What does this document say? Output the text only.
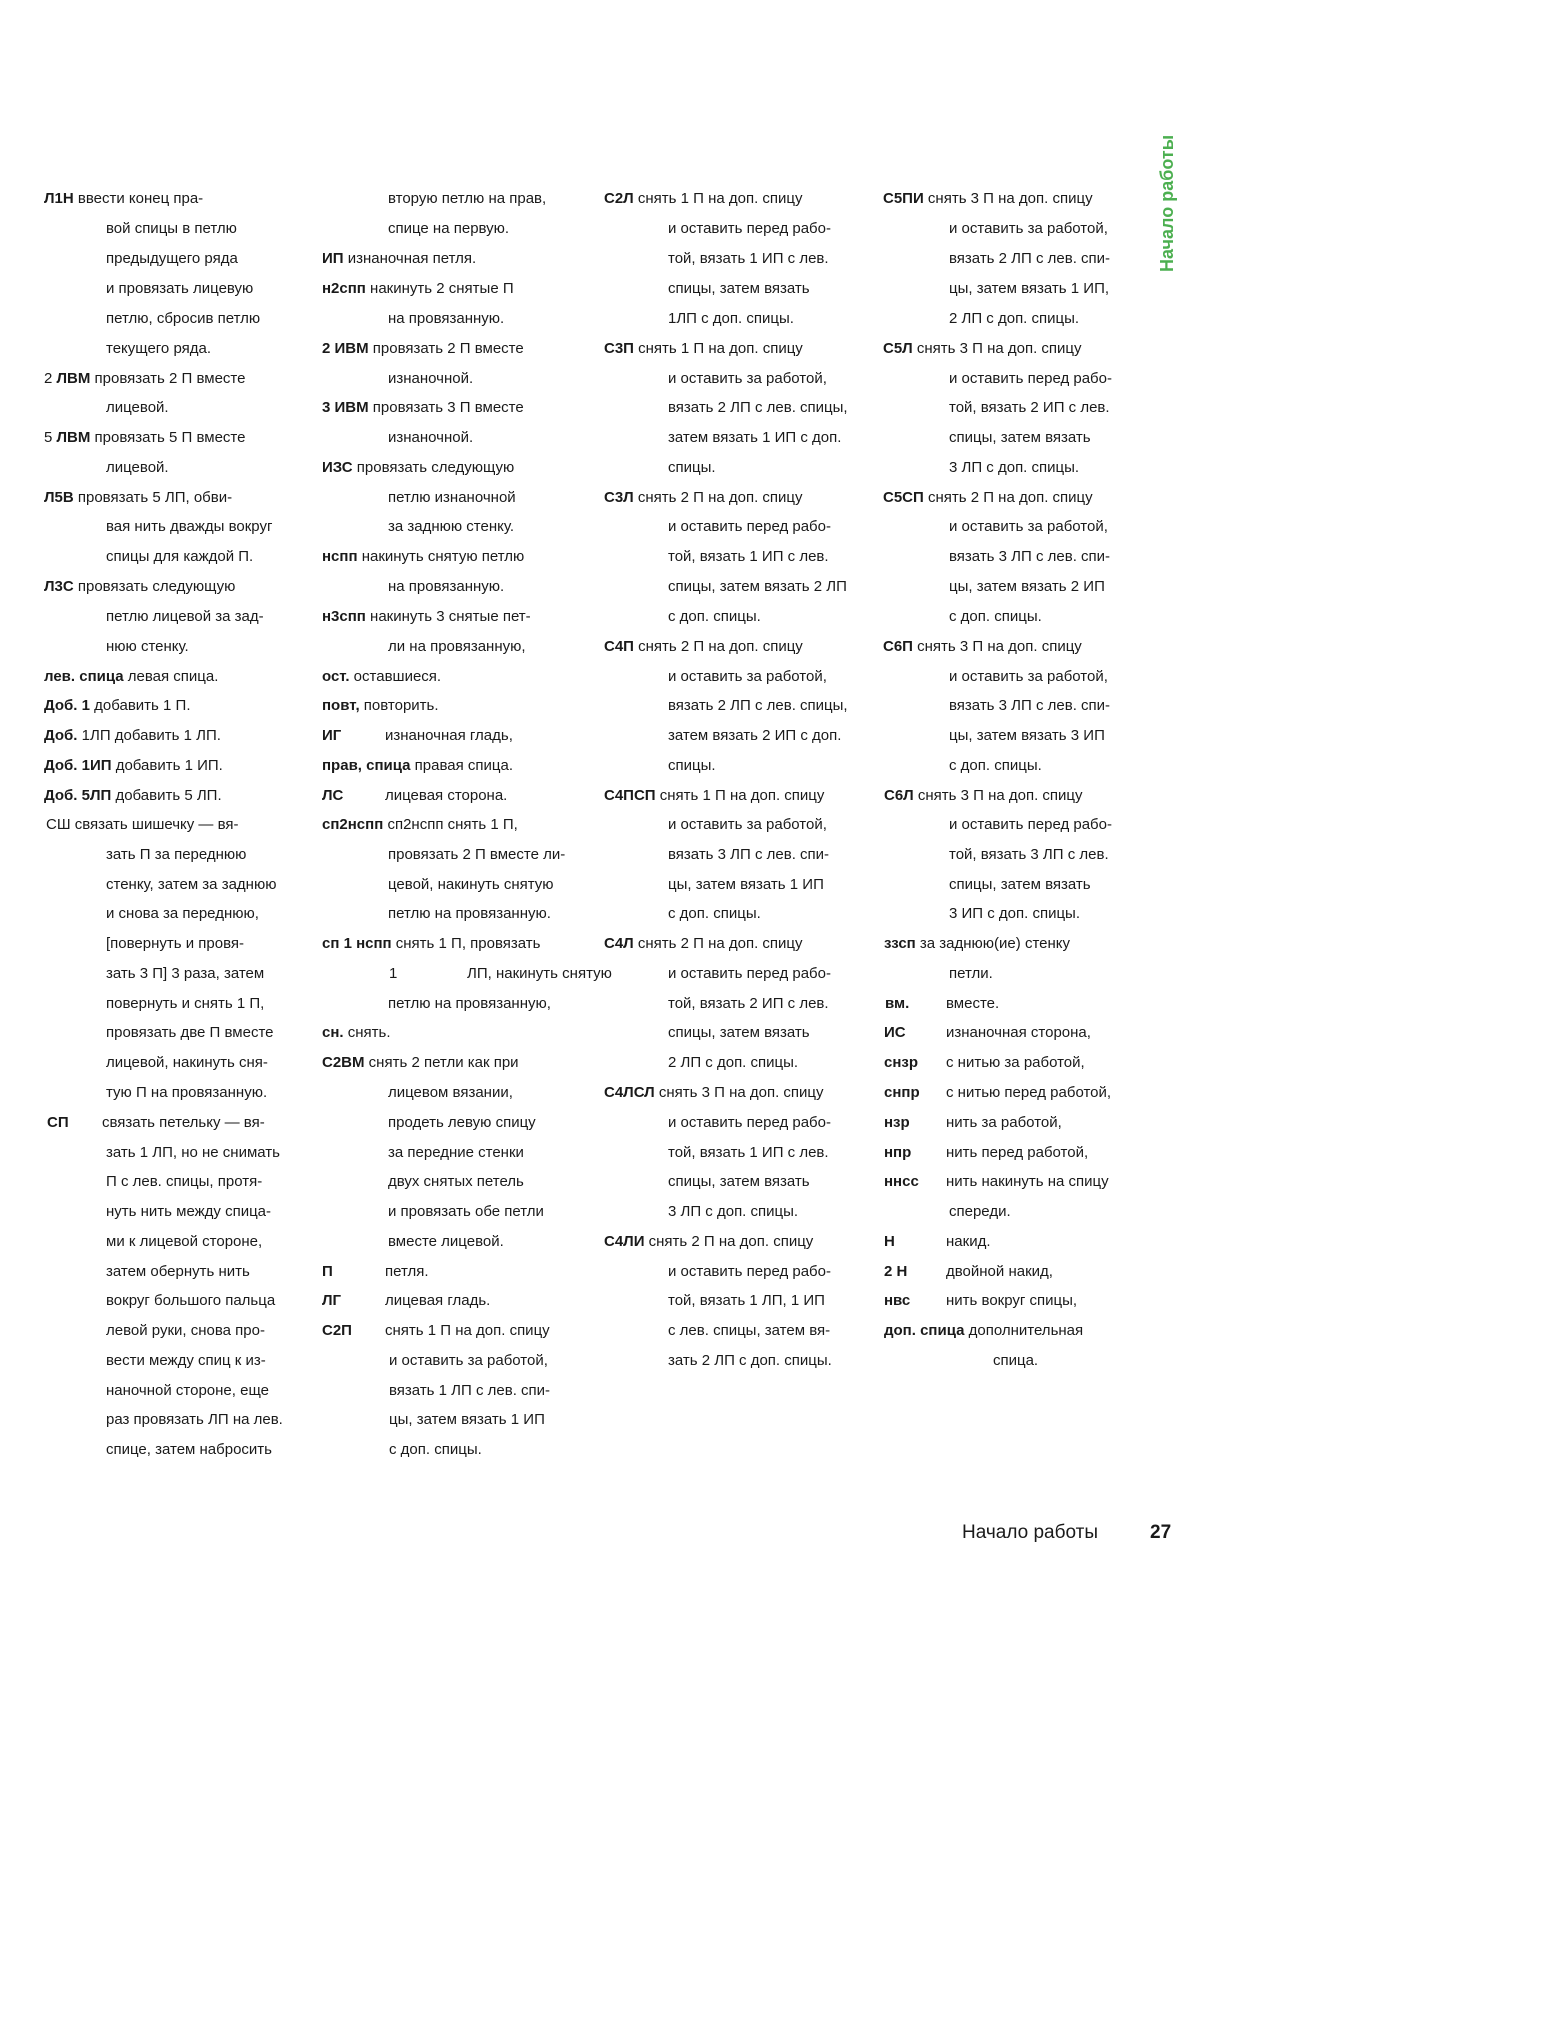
Начало работы
Л1Н ввести конец пра-
вой спицы в петлю
предыдущего ряда
и провязать лицевую
петлю, сбросив петлю
текущего ряда.
2 ЛВМ провязать 2 П вместе
лицевой.
5 ЛВМ провязать 5 П вместе
лицевой.
Л5В провязать 5 ЛП, обви-
вая нить дважды вокруг
спицы для каждой П.
Л3С провязать следующую
петлю лицевой за зад-
нюю стенку.
лев. спица левая спица.
Доб. 1 добавить 1 П.
Доб. 1ЛП добавить 1 ЛП.
Доб. 1ИП добавить 1 ИП.
Доб. 5ЛП добавить 5 ЛП.
СШ связать шишечку — вя-
зать П за переднюю
стенку, затем за заднюю
и снова за переднюю,
[повернуть и провя-
зать 3 П] 3 раза, затем
повернуть и снять 1 П,
провязать две П вместе
лицевой, накинуть сня-
тую П на провязанную.
СП связать петельку — вя-
зать 1 ЛП, но не снимать
П с лев. спицы, протя-
нуть нить между спица-
ми к лицевой стороне,
затем обернуть нить
вокруг большого пальца
левой руки, снова про-
вести между спиц к из-
наночной стороне, еще
раз провязать ЛП на лев.
спице, затем набросить
вторую петлю на прав,
спице на первую.
ИП изнаночная петля.
н2спп накинуть 2 снятые П
на провязанную.
2 ИВМ провязать 2 П вместе
изнаночной.
3 ИВМ провязать 3 П вместе
изнаночной.
ИЗС провязать следующую
петлю изнаночной
за заднюю стенку.
нспп накинуть снятую петлю
на провязанную.
н3спп накинуть 3 снятые пет-
ли на провязанную,
ост. оставшиеся.
повт, повторить.
ИГ	изнаночная гладь,
прав, спица правая спица.
ЛС	лицевая сторона.
сп2нспп сп2нспп снять 1 П,
провязать 2 П вместе ли-
цевой, накинуть снятую
петлю на провязанную.
сп 1 нспп снять 1 П, провязать
1	ЛП, накинуть снятую
петлю на провязанную,
сн. снять.
С2ВМ снять 2 петли как при
лицевом вязании,
продеть левую спицу
за передние стенки
двух снятых петель
и провязать обе петли
вместе лицевой.
П	петля.
ЛГ	лицевая гладь.
С2П снять 1 П на доп. спицу
и оставить за работой,
вязать 1 ЛП с лев. спи-
цы, затем вязать 1 ИП
с доп. спицы.
С2Л снять 1 П на доп. спицу
и оставить перед рабо-
той, вязать 1 ИП с лев.
спицы, затем вязать
1ЛП с доп. спицы.
С3П снять 1 П на доп. спицу
и оставить за работой,
вязать 2 ЛП с лев. спицы,
затем вязать 1 ИП с доп.
спицы.
С3Л снять 2 П на доп. спицу
и оставить перед рабо-
той, вязать 1 ИП с лев.
спицы, затем вязать 2 ЛП
с доп. спицы.
С4П снять 2 П на доп. спицу
и оставить за работой,
вязать 2 ЛП с лев. спицы,
затем вязать 2 ИП с доп.
спицы.
С4ПСП снять 1 П на доп. спицу
и оставить за работой,
вязать 3 ЛП с лев. спи-
цы, затем вязать 1 ИП
с доп. спицы.
С4Л снять 2 П на доп. спицу
и оставить перед рабо-
той, вязать 2 ИП с лев.
спицы, затем вязать
2 ЛП с доп. спицы.
С4ЛСЛ снять 3 П на доп. спицу
и оставить перед рабо-
той, вязать 1 ИП с лев.
спицы, затем вязать
3 ЛП с доп. спицы.
С4ЛИ снять 2 П на доп. спицу
и оставить перед рабо-
той, вязать 1 ЛП, 1 ИП
с лев. спицы, затем вя-
зать 2 ЛП с доп. спицы.
С5ПИ снять 3 П на доп. спицу
и оставить за работой,
вязать 2 ЛП с лев. спи-
цы, затем вязать 1 ИП,
2 ЛП с доп. спицы.
С5Л снять 3 П на доп. спицу
и оставить перед рабо-
той, вязать 2 ИП с лев.
спицы, затем вязать
3 ЛП с доп. спицы.
С5СП снять 2 П на доп. спицу
и оставить за работой,
вязать 3 ЛП с лев. спи-
цы, затем вязать 2 ИП
с доп. спицы.
С6П снять 3 П на доп. спицу
и оставить за работой,
вязать 3 ЛП с лев. спи-
цы, затем вязать 3 ИП
с доп. спицы.
С6Л снять 3 П на доп. спицу
и оставить перед рабо-
той, вязать 3 ЛП с лев.
спицы, затем вязать
3 ИП с доп. спицы.
ззсп за заднюю(ие) стенку
петли.
вм. вместе.
ИС	изнаночная сторона,
снзр с нитью за работой,
снпр с нитью перед работой,
нзр нить за работой,
нпр нить перед работой,
ннсс нить накинуть на спицу
спереди.
Н	накид.
2 Н	двойной накид,
нвс нить вокруг спицы,
доп. спица дополнительная
спица.
Начало работы	27
